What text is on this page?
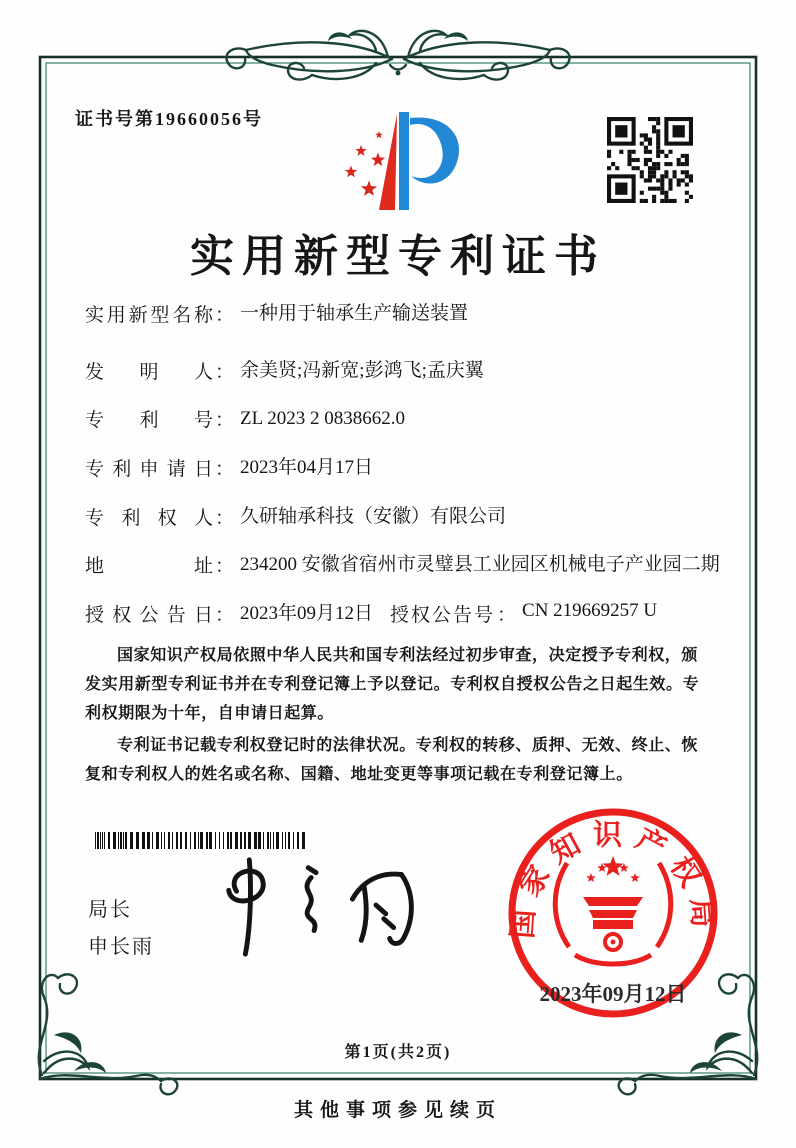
证书号第19660056号
实用新型专利证书
实用新型名称 ： 一种用于轴承生产输送装置
发明人 ： 余美贤;冯新宽;彭鸿飞;孟庆翼
专利号 ： ZL 2023 2 0838662.0
专利申请日 ： 2023年04月17日
专利权人 ： 久研轴承科技（安徽）有限公司
地址 ： 234200 安徽省宿州市灵璧县工业园区机械电子产业园二期
授权公告日 ： 2023年09月12日 授权公告号 ： CN 219669257 U

国家知识产权局依照中华人民共和国专利法经过初步审查，决定授予专利权，颁发实用新型专利证书并在专利登记簿上予以登记。专利权自授权公告之日起生效。专利权期限为十年，自申请日起算。

专利证书记载专利权登记时的法律状况。专利权的转移、质押、无效、终止、恢复和专利权人的姓名或名称、国籍、地址变更等事项记载在专利登记簿上。

局长
申长雨
国家知识产权局
2023年09月12日
第1页(共2页)
其他事项参见续页
